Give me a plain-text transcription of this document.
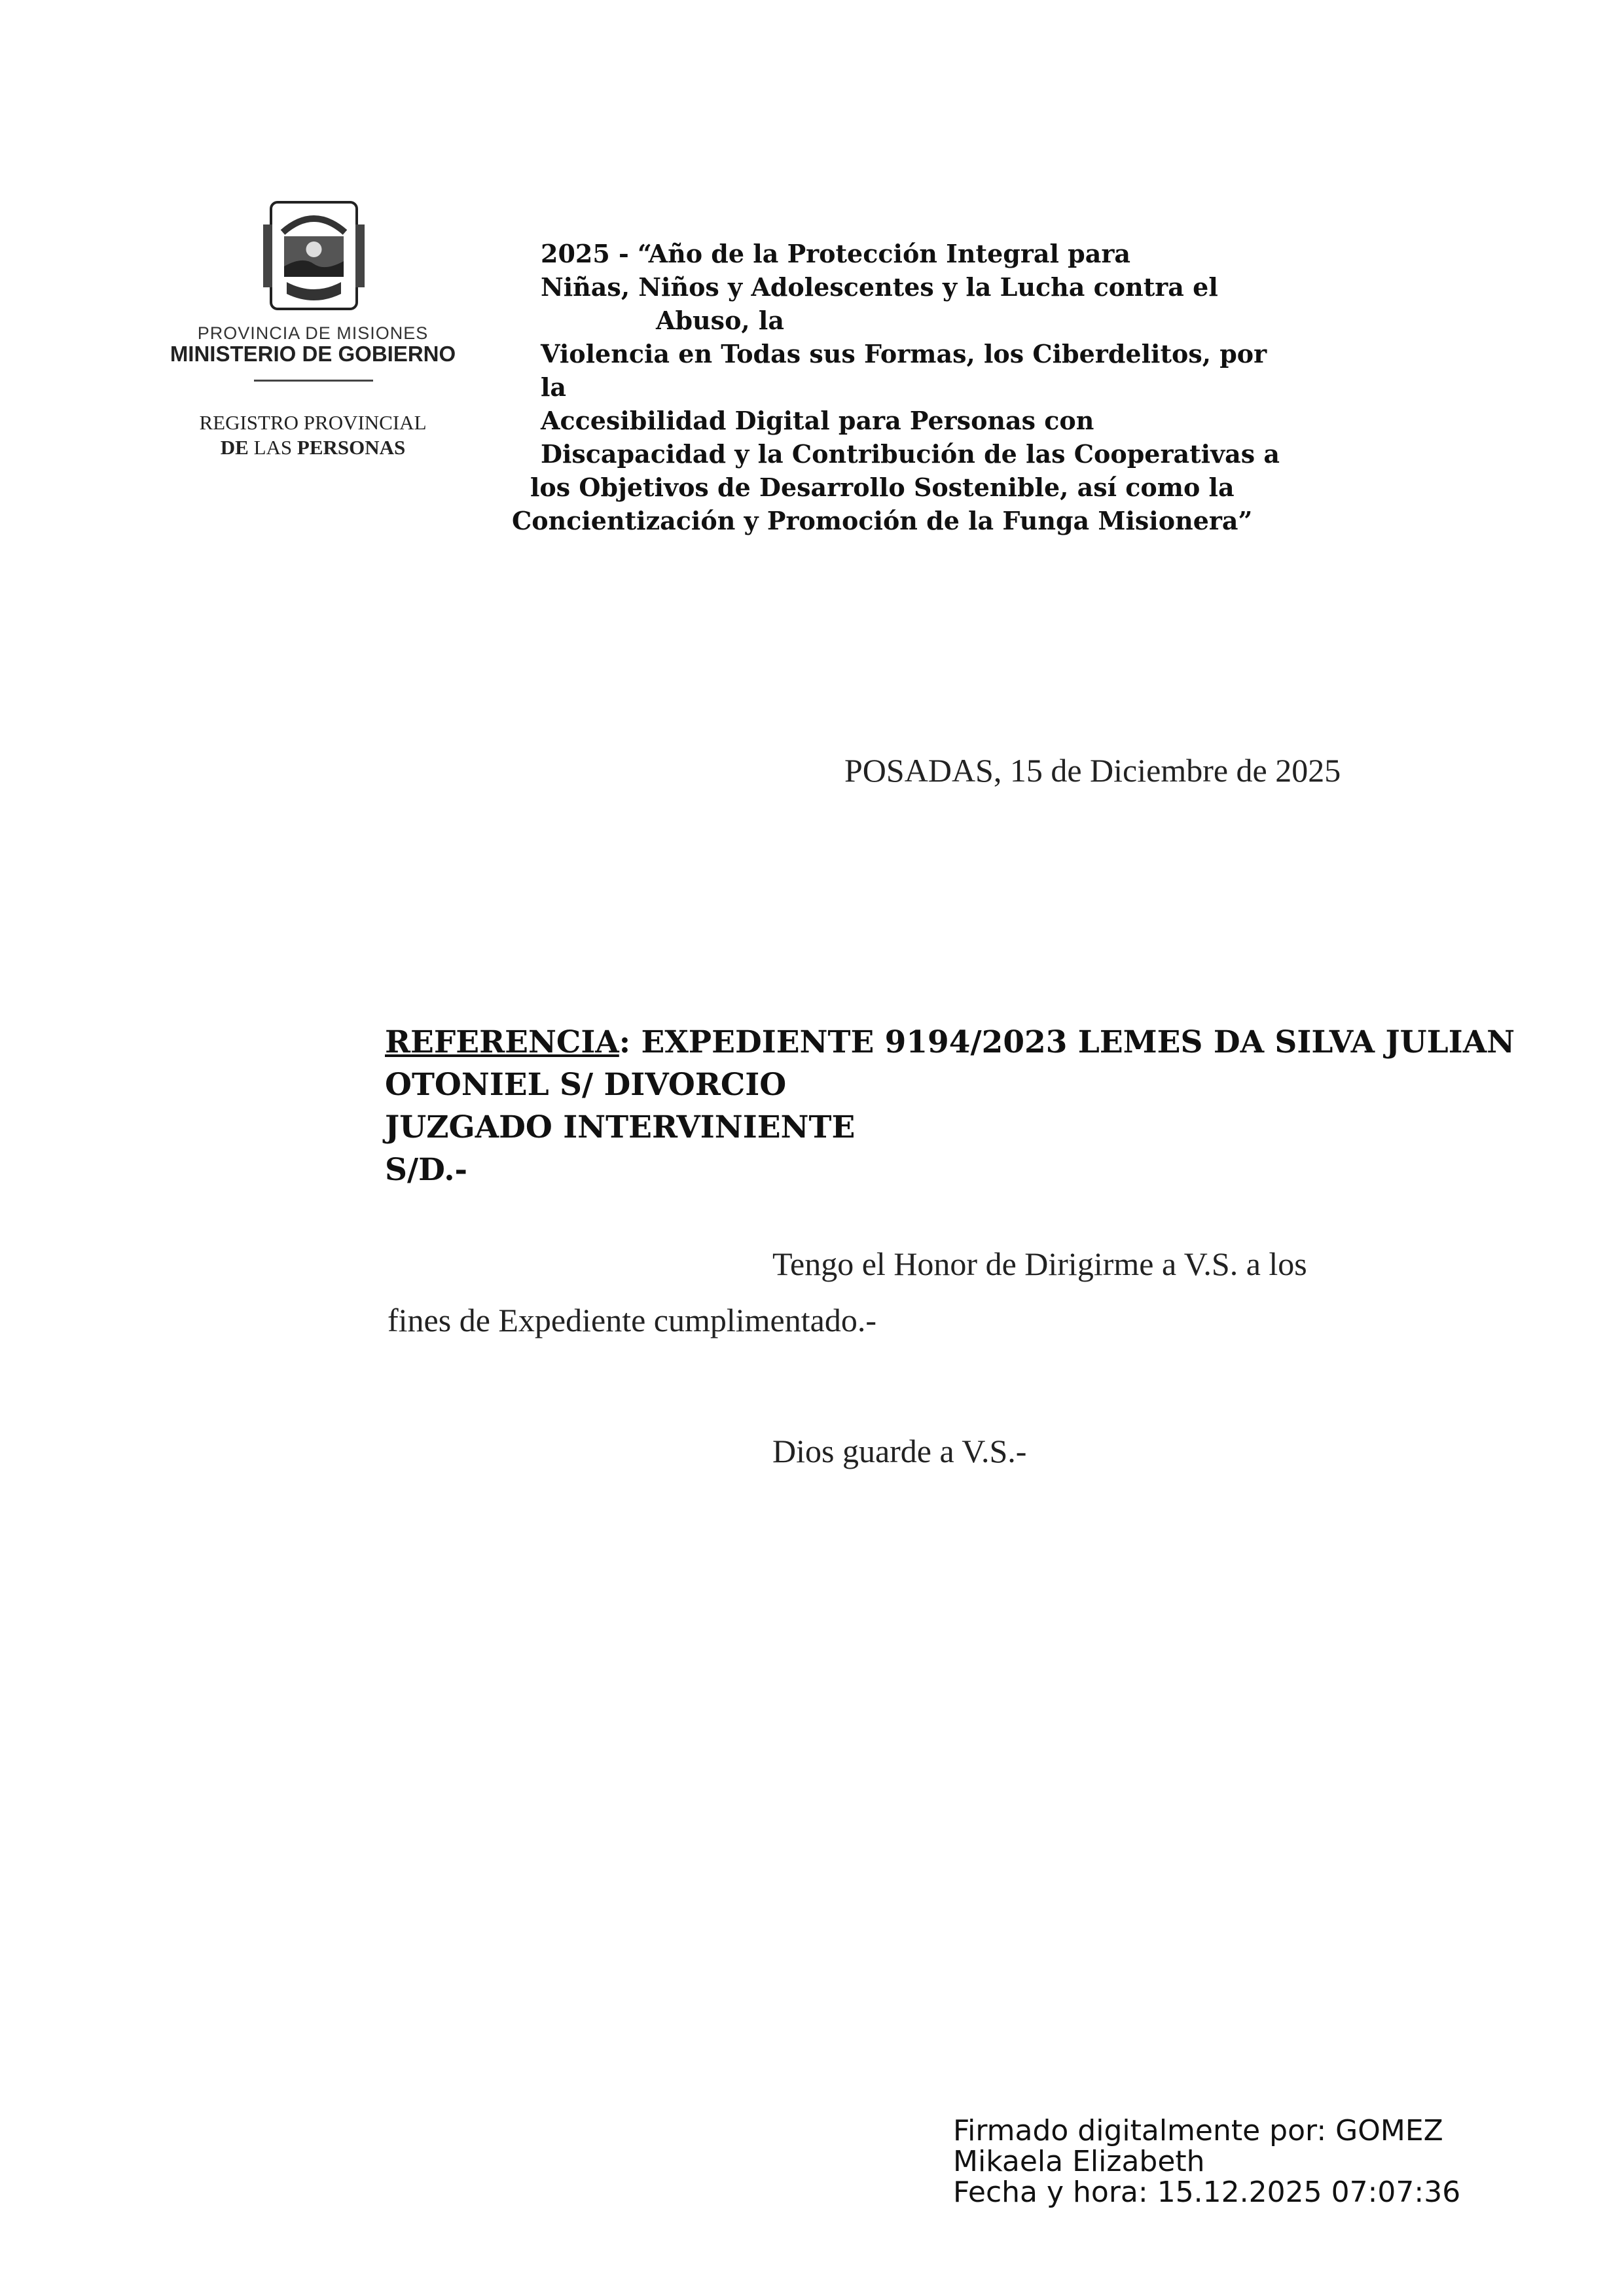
PROVINCIA DE MISIONES
MINISTERIO DE GOBIERNO
REGISTRO PROVINCIAL
DE LAS PERSONAS
2025 - “Año de la Protección Integral para
Niñas, Niños y Adolescentes y la Lucha contra el
Abuso, la
Violencia en Todas sus Formas, los Ciberdelitos, por
la
Accesibilidad Digital para Personas con
Discapacidad y la Contribución de las Cooperativas a
los Objetivos de Desarrollo Sostenible, así como la
Concientización y Promoción de la Funga Misionera”
POSADAS, 15 de Diciembre de 2025
REFERENCIA: EXPEDIENTE 9194/2023 LEMES DA SILVA JULIAN
OTONIEL S/ DIVORCIO
JUZGADO INTERVINIENTE
S/D.-
Tengo el Honor de Dirigirme a V.S. a los
fines de Expediente cumplimentado.-
Dios guarde a V.S.-
Firmado digitalmente por: GOMEZ
Mikaela Elizabeth
Fecha y hora: 15.12.2025 07:07:36
